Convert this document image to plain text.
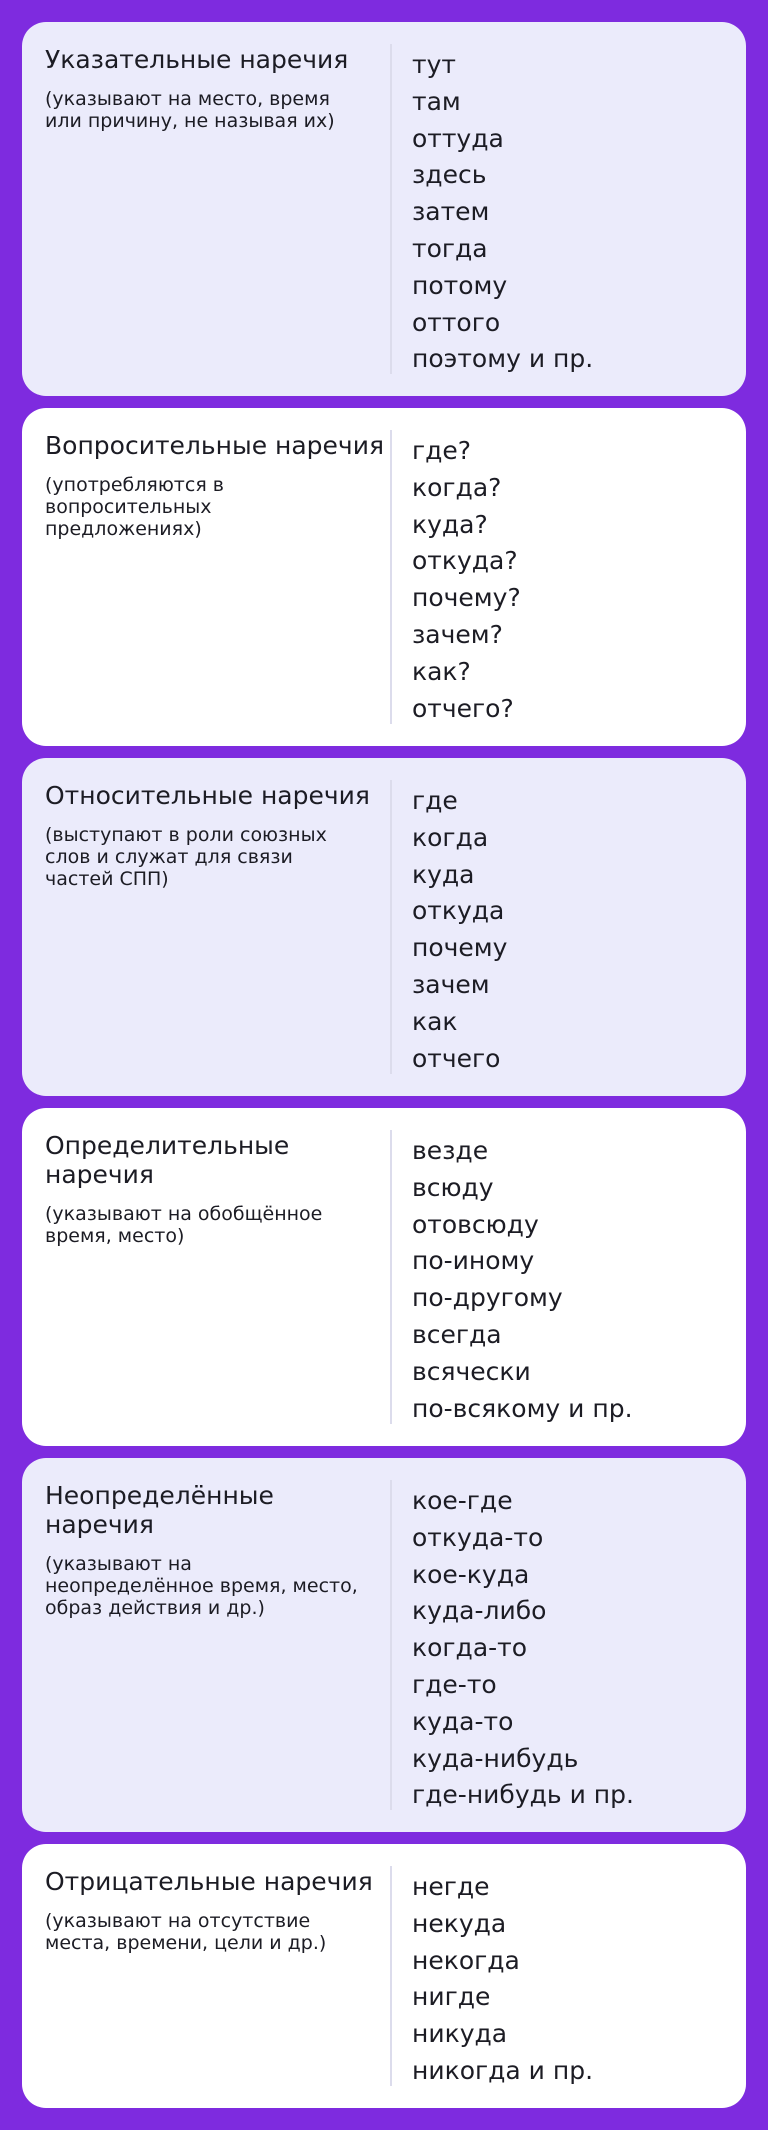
Указательные наречия
(указывают на место, время или причину, не называя их)
тут
там
оттуда
здесь
затем
тогда
потому
оттого
поэтому и пр.
Вопросительные наречия
(употребляются в вопросительных предложениях)
где?
когда?
куда?
откуда?
почему?
зачем?
как?
отчего?
Относительные наречия
(выступают в роли союзных слов и служат для связи частей СПП)
где
когда
куда
откуда
почему
зачем
как
отчего
Определительные наречия
(указывают на обобщённое время, место)
везде
всюду
отовсюду
по-иному
по-другому
всегда
всячески
по-всякому и пр.
Неопределённые наречия
(указывают на неопределённое время, место, образ действия и др.)
кое-где
откуда-то
кое-куда
куда-либо
когда-то
где-то
куда-то
куда-нибудь
где-нибудь и пр.
Отрицательные наречия
(указывают на отсутствие места, времени, цели и др.)
негде
некуда
некогда
нигде
никуда
никогда и пр.
